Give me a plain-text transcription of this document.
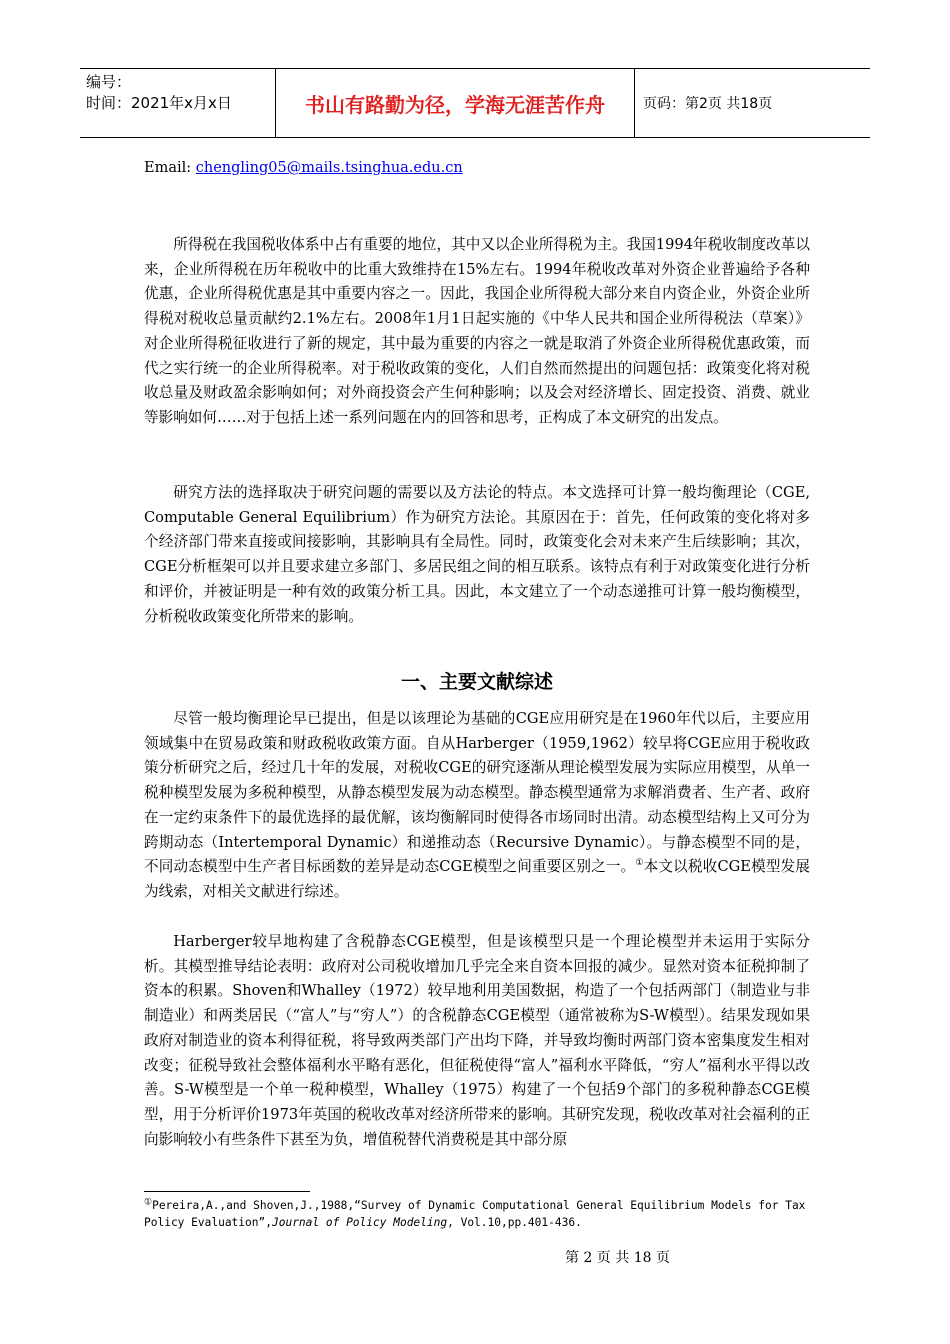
编号：
时间：2021年x月x日	书山有路勤为径，学海无涯苦作舟	页码：第2页 共18页
Email: chengling05@mails.tsinghua.edu.cn

所得税在我国税收体系中占有重要的地位，其中又以企业所得税为主。我国1994年税收制度改革以来，企业所得税在历年税收中的比重大致维持在15%左右。1994年税收改革对外资企业普遍给予各种优惠，企业所得税优惠是其中重要内容之一。因此，我国企业所得税大部分来自内资企业，外资企业所得税对税收总量贡献约2.1%左右。2008年1月1日起实施的《中华人民共和国企业所得税法（草案）》对企业所得税征收进行了新的规定，其中最为重要的内容之一就是取消了外资企业所得税优惠政策，而代之实行统一的企业所得税率。对于税收政策的变化，人们自然而然提出的问题包括：政策变化将对税收总量及财政盈余影响如何；对外商投资会产生何种影响；以及会对经济增长、固定投资、消费、就业等影响如何……对于包括上述一系列问题在内的回答和思考，正构成了本文研究的出发点。

研究方法的选择取决于研究问题的需要以及方法论的特点。本文选择可计算一般均衡理论（CGE, Computable General Equilibrium）作为研究方法论。其原因在于：首先，任何政策的变化将对多个经济部门带来直接或间接影响，其影响具有全局性。同时，政策变化会对未来产生后续影响；其次，CGE分析框架可以并且要求建立多部门、多居民组之间的相互联系。该特点有利于对政策变化进行分析和评价，并被证明是一种有效的政策分析工具。因此，本文建立了一个动态递推可计算一般均衡模型，分析税收政策变化所带来的影响。

一、主要文献综述

尽管一般均衡理论早已提出，但是以该理论为基础的CGE应用研究是在1960年代以后，主要应用领域集中在贸易政策和财政税收政策方面。自从Harberger（1959,1962）较早将CGE应用于税收政策分析研究之后，经过几十年的发展，对税收CGE的研究逐渐从理论模型发展为实际应用模型，从单一税种模型发展为多税种模型，从静态模型发展为动态模型。静态模型通常为求解消费者、生产者、政府在一定约束条件下的最优选择的最优解，该均衡解同时使得各市场同时出清。动态模型结构上又可分为跨期动态（Intertemporal Dynamic）和递推动态（Recursive Dynamic）。与静态模型不同的是，不同动态模型中生产者目标函数的差异是动态CGE模型之间重要区别之一。①本文以税收CGE模型发展为线索，对相关文献进行综述。

Harberger较早地构建了含税静态CGE模型，但是该模型只是一个理论模型并未运用于实际分析。其模型推导结论表明：政府对公司税收增加几乎完全来自资本回报的减少。显然对资本征税抑制了资本的积累。Shoven和Whalley（1972）较早地利用美国数据，构造了一个包括两部门（制造业与非制造业）和两类居民（“富人”与“穷人”）的含税静态CGE模型（通常被称为S-W模型）。结果发现如果政府对制造业的资本利得征税，将导致两类部门产出均下降，并导致均衡时两部门资本密集度发生相对改变；征税导致社会整体福利水平略有恶化，但征税使得“富人”福利水平降低，“穷人”福利水平得以改善。S-W模型是一个单一税种模型，Whalley（1975）构建了一个包括9个部门的多税种静态CGE模型，用于分析评价1973年英国的税收改革对经济所带来的影响。其研究发现，税收改革对社会福利的正向影响较小有些条件下甚至为负，增值税替代消费税是其中部分原

①Pereira,A.,and Shoven,J.,1988,“Survey of Dynamic Computational General Equilibrium Models for Tax Policy Evaluation”,Journal of Policy Modeling, Vol.10,pp.401-436.
第 2 页 共 18 页
